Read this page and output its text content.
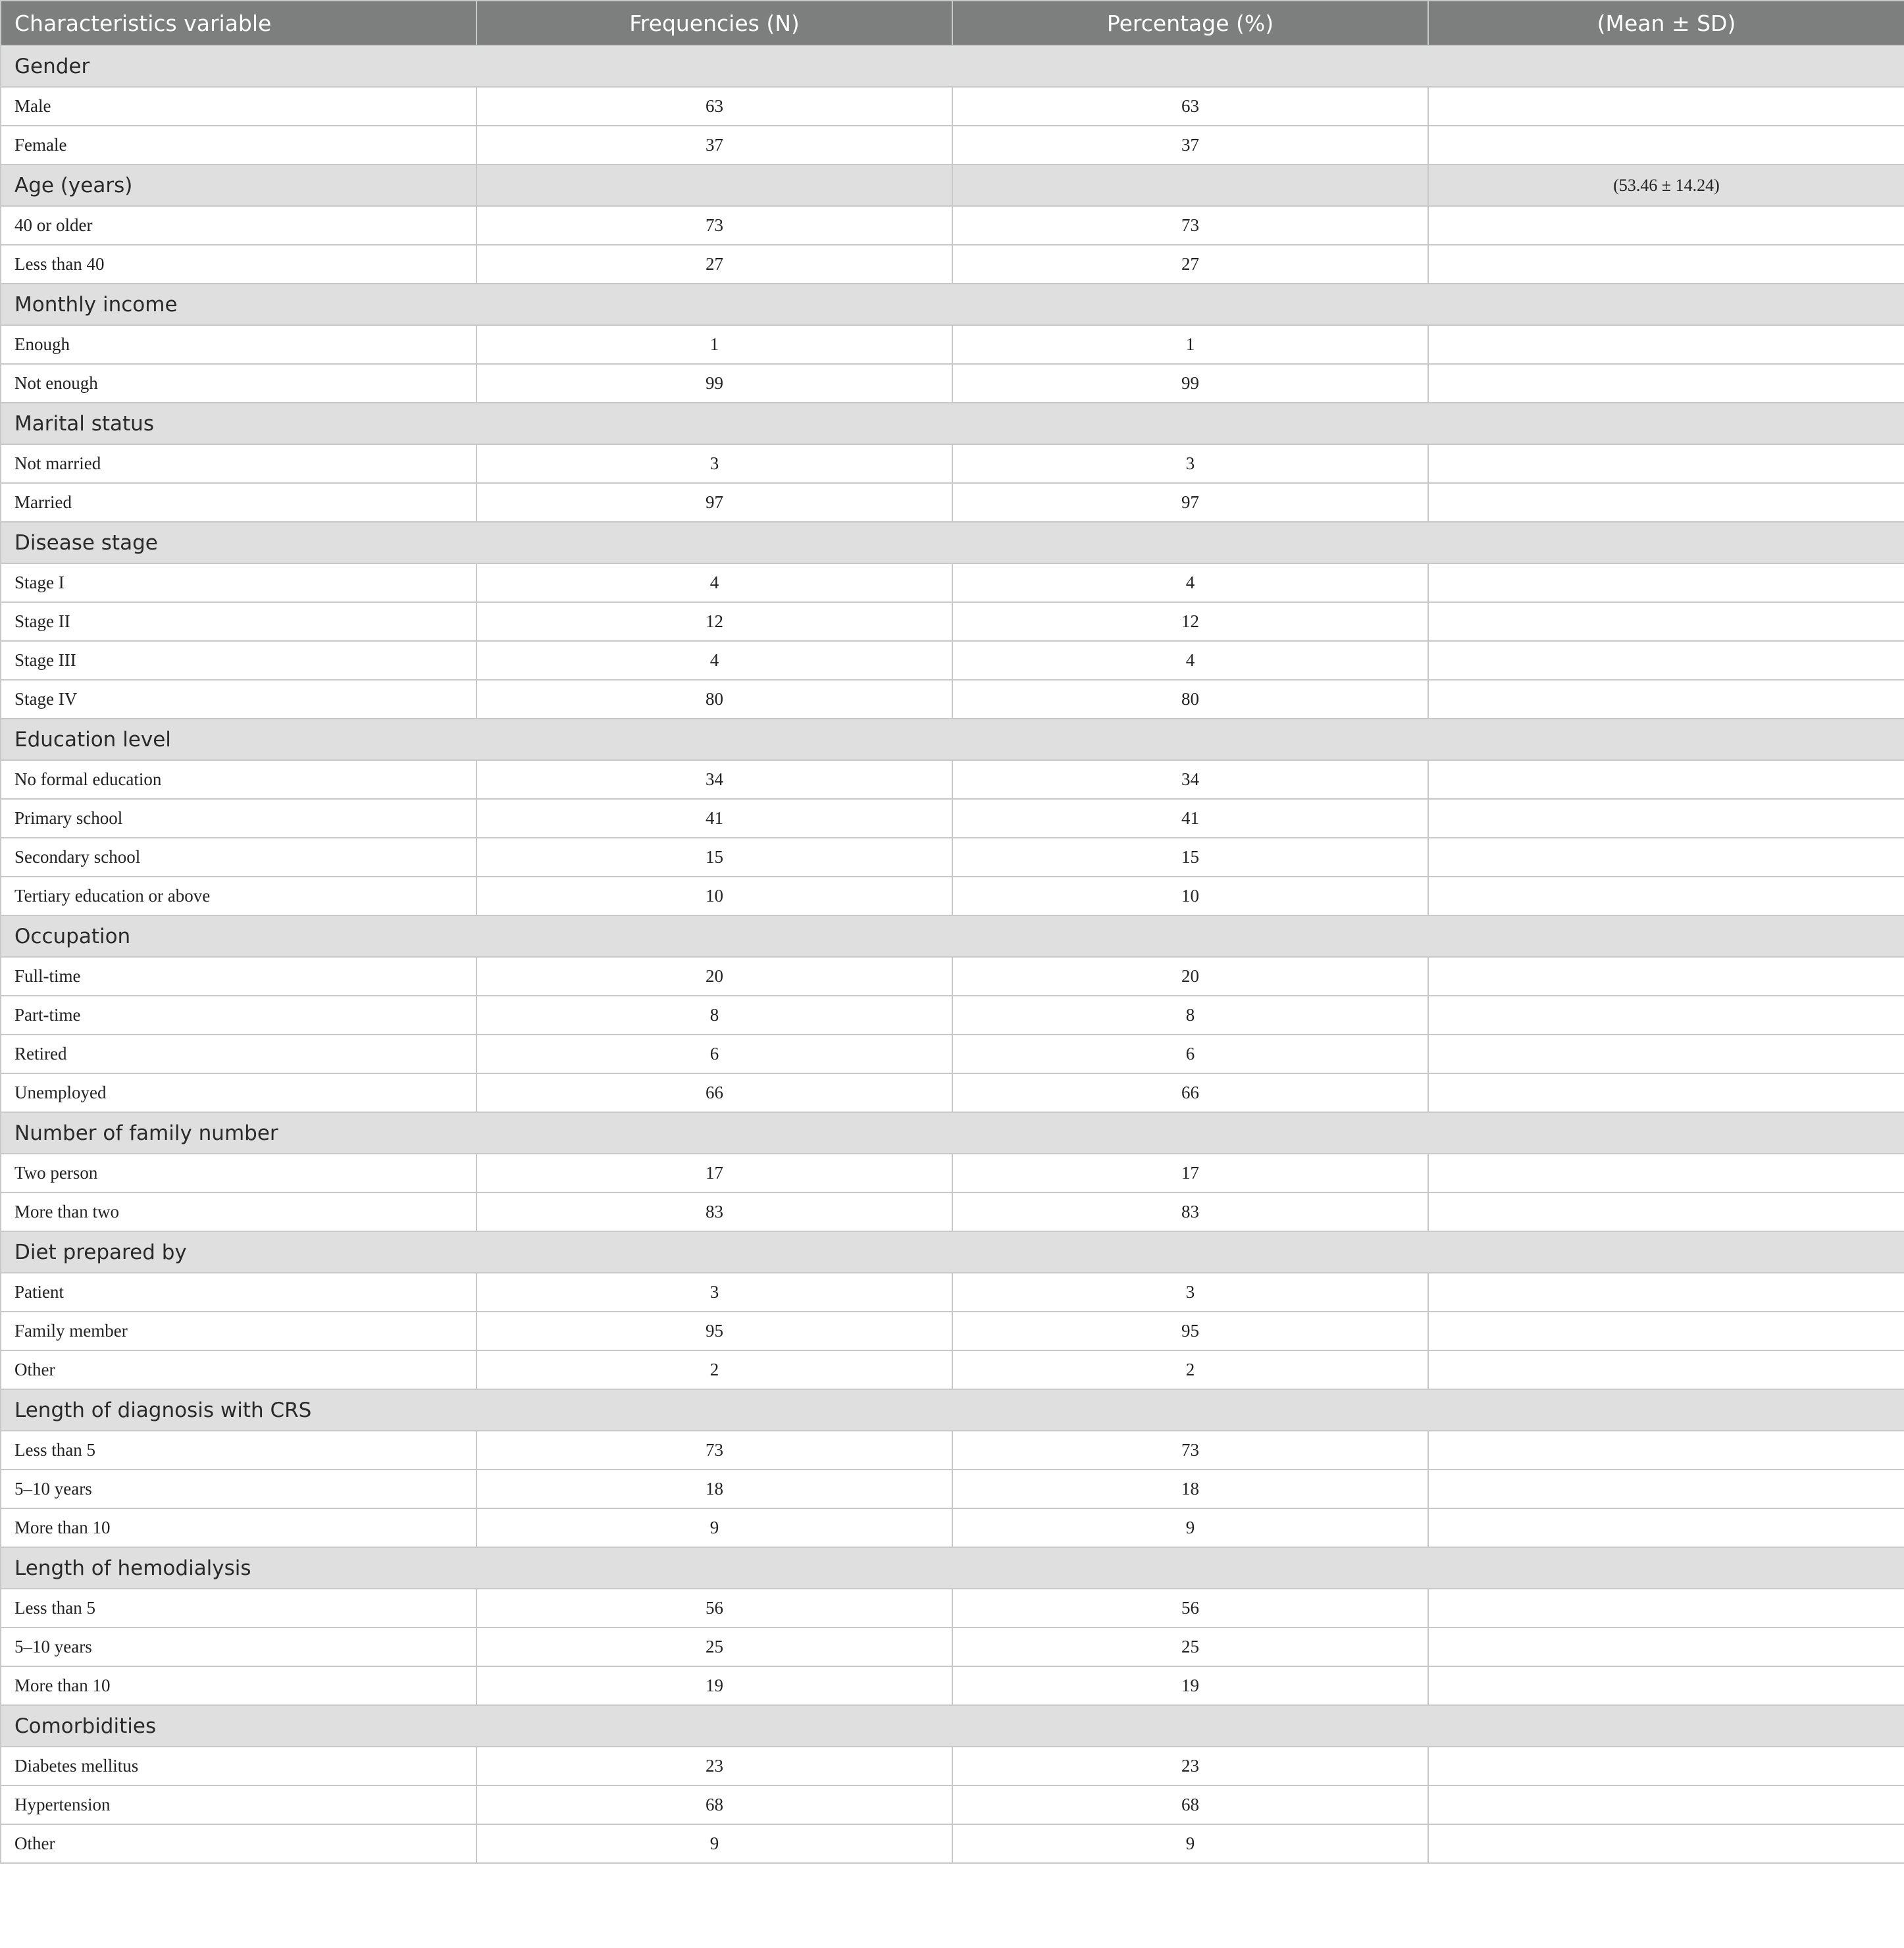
Characteristics variable	Frequencies (N)	Percentage (%)	(Mean ± SD)
Gender			
Male	63	63	
Female	37	37	
Age (years)			(53.46 ± 14.24)
40 or older	73	73	
Less than 40	27	27	
Monthly income			
Enough	1	1	
Not enough	99	99	
Marital status			
Not married	3	3	
Married	97	97	
Disease stage			
Stage I	4	4	
Stage II	12	12	
Stage III	4	4	
Stage IV	80	80	
Education level			
No formal education	34	34	
Primary school	41	41	
Secondary school	15	15	
Tertiary education or above	10	10	
Occupation			
Full-time	20	20	
Part-time	8	8	
Retired	6	6	
Unemployed	66	66	
Number of family number			
Two person	17	17	
More than two	83	83	
Diet prepared by			
Patient	3	3	
Family member	95	95	
Other	2	2	
Length of diagnosis with CRS			
Less than 5	73	73	
5–10 years	18	18	
More than 10	9	9	
Length of hemodialysis			
Less than 5	56	56	
5–10 years	25	25	
More than 10	19	19	
Comorbidities			
Diabetes mellitus	23	23	
Hypertension	68	68	
Other	9	9	
